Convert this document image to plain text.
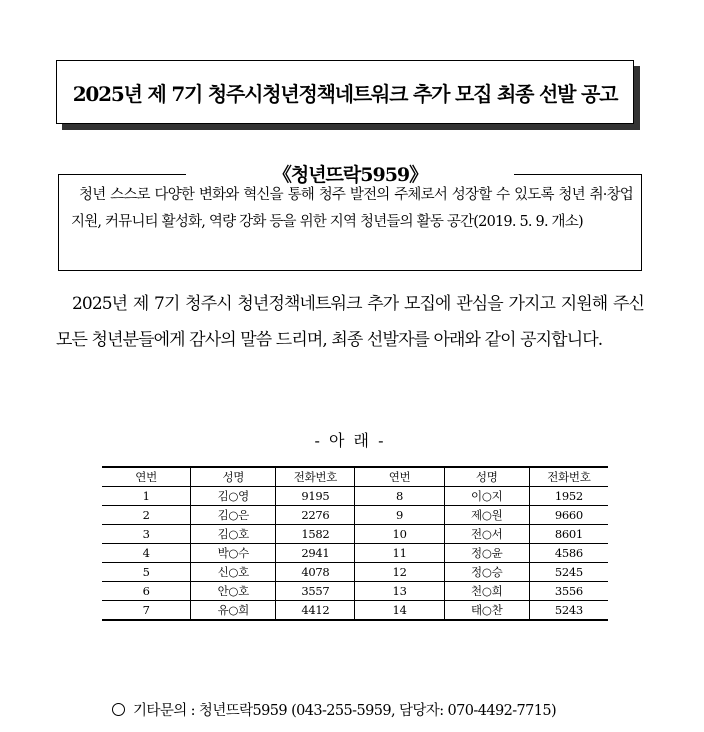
2025년 제 7기 청주시청년정책네트워크 추가 모집 최종 선발 공고
《청년뜨락5959》
청년 스스로 다양한 변화와 혁신을 통해 청주 발전의 주체로서 성장할 수 있도록 청년 취·창업 지원, 커뮤니티 활성화, 역량 강화 등을 위한 지역 청년들의 활동 공간(2019. 5. 9. 개소)
2025년 제 7기 청주시 청년정책네트워크 추가 모집에 관심을 가지고 지원해 주신 모든 청년분들에게 감사의 말씀 드리며, 최종 선발자를 아래와 같이 공지합니다.
- 아 래 -
연번	성명	전화번호	연번	성명	전화번호
1	김○영	9195	8	이○지	1952
2	김○은	2276	9	제○원	9660
3	김○호	1582	10	전○서	8601
4	박○수	2941	11	정○윤	4586
5	신○호	4078	12	정○승	5245
6	안○호	3557	13	천○희	3556
7	유○희	4412	14	태○찬	5243
기타문의 : 청년뜨락5959 (043-255-5959, 담당자: 070-4492-7715)
